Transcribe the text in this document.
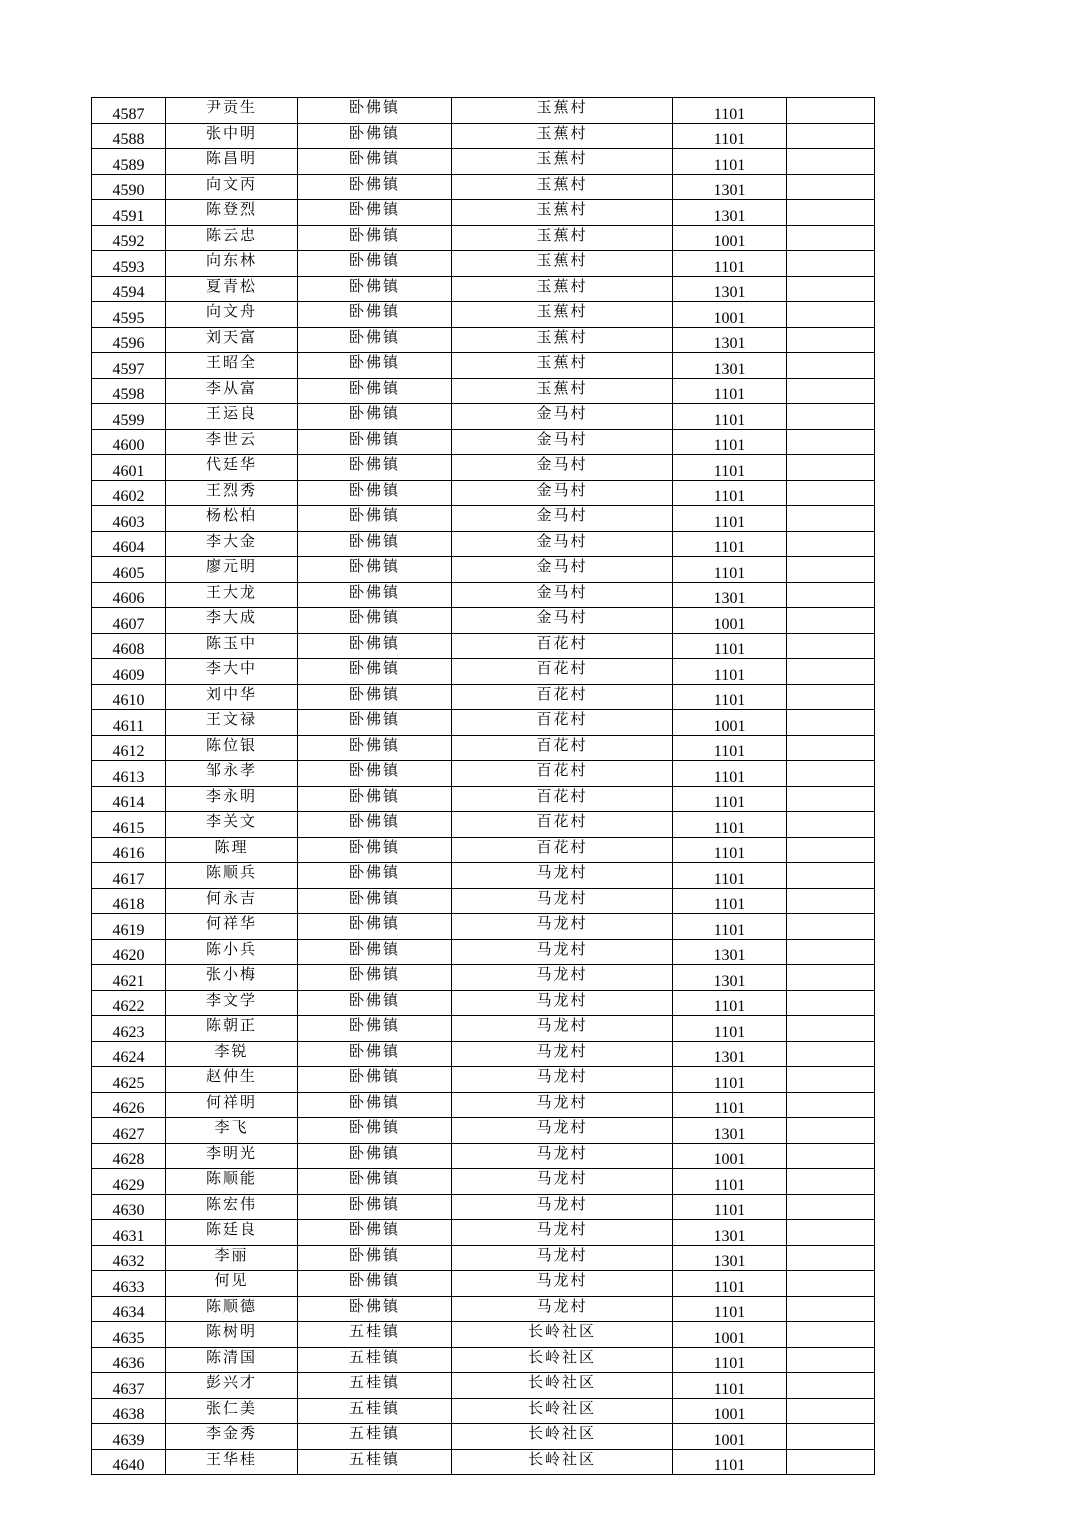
4587	尹贡生	卧佛镇	玉蕉村	1101	
4588	张中明	卧佛镇	玉蕉村	1101	
4589	陈昌明	卧佛镇	玉蕉村	1101	
4590	向文丙	卧佛镇	玉蕉村	1301	
4591	陈登烈	卧佛镇	玉蕉村	1301	
4592	陈云忠	卧佛镇	玉蕉村	1001	
4593	向东林	卧佛镇	玉蕉村	1101	
4594	夏青松	卧佛镇	玉蕉村	1301	
4595	向文舟	卧佛镇	玉蕉村	1001	
4596	刘天富	卧佛镇	玉蕉村	1301	
4597	王昭全	卧佛镇	玉蕉村	1301	
4598	李从富	卧佛镇	玉蕉村	1101	
4599	王运良	卧佛镇	金马村	1101	
4600	李世云	卧佛镇	金马村	1101	
4601	代廷华	卧佛镇	金马村	1101	
4602	王烈秀	卧佛镇	金马村	1101	
4603	杨松柏	卧佛镇	金马村	1101	
4604	李大金	卧佛镇	金马村	1101	
4605	廖元明	卧佛镇	金马村	1101	
4606	王大龙	卧佛镇	金马村	1301	
4607	李大成	卧佛镇	金马村	1001	
4608	陈玉中	卧佛镇	百花村	1101	
4609	李大中	卧佛镇	百花村	1101	
4610	刘中华	卧佛镇	百花村	1101	
4611	王文禄	卧佛镇	百花村	1001	
4612	陈位银	卧佛镇	百花村	1101	
4613	邹永孝	卧佛镇	百花村	1101	
4614	李永明	卧佛镇	百花村	1101	
4615	李关文	卧佛镇	百花村	1101	
4616	陈理	卧佛镇	百花村	1101	
4617	陈顺兵	卧佛镇	马龙村	1101	
4618	何永吉	卧佛镇	马龙村	1101	
4619	何祥华	卧佛镇	马龙村	1101	
4620	陈小兵	卧佛镇	马龙村	1301	
4621	张小梅	卧佛镇	马龙村	1301	
4622	李文学	卧佛镇	马龙村	1101	
4623	陈朝正	卧佛镇	马龙村	1101	
4624	李锐	卧佛镇	马龙村	1301	
4625	赵仲生	卧佛镇	马龙村	1101	
4626	何祥明	卧佛镇	马龙村	1101	
4627	李飞	卧佛镇	马龙村	1301	
4628	李明光	卧佛镇	马龙村	1001	
4629	陈顺能	卧佛镇	马龙村	1101	
4630	陈宏伟	卧佛镇	马龙村	1101	
4631	陈廷良	卧佛镇	马龙村	1301	
4632	李丽	卧佛镇	马龙村	1301	
4633	何见	卧佛镇	马龙村	1101	
4634	陈顺德	卧佛镇	马龙村	1101	
4635	陈树明	五桂镇	长岭社区	1001	
4636	陈清国	五桂镇	长岭社区	1101	
4637	彭兴才	五桂镇	长岭社区	1101	
4638	张仁美	五桂镇	长岭社区	1001	
4639	李金秀	五桂镇	长岭社区	1001	
4640	王华桂	五桂镇	长岭社区	1101	
